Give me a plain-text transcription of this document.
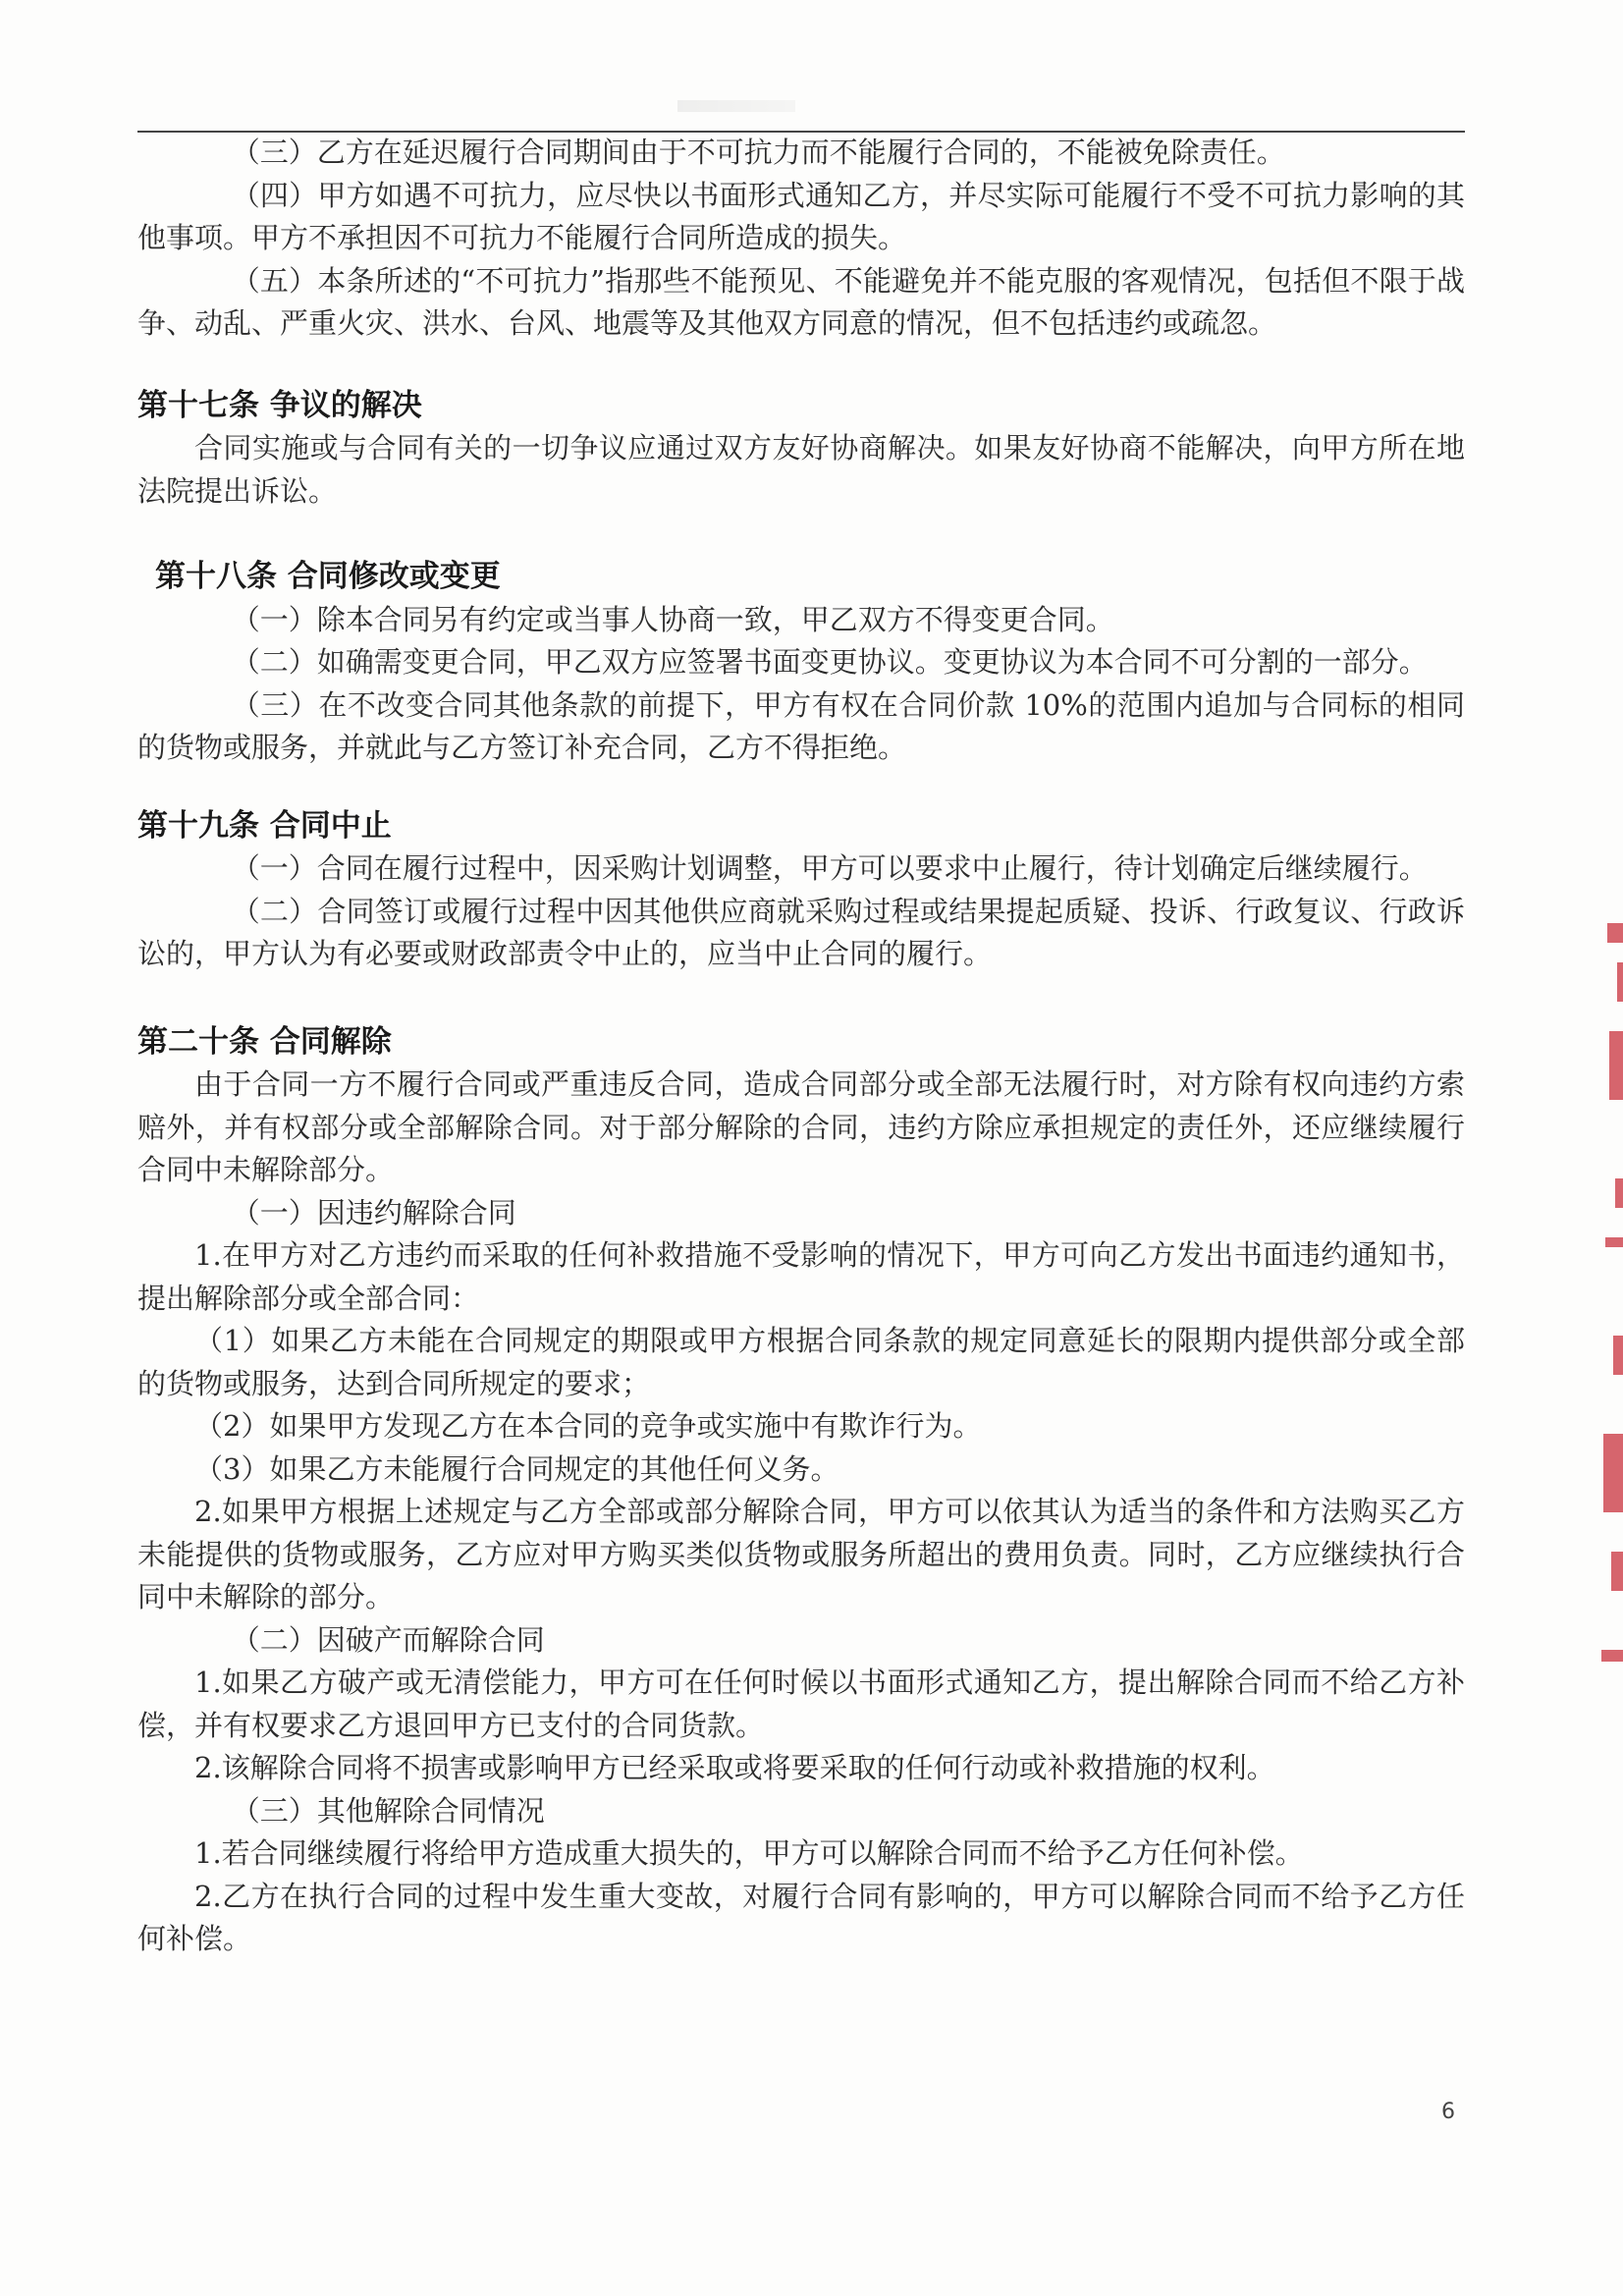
（三）乙方在延迟履行合同期间由于不可抗力而不能履行合同的，不能被免除责任。

（四）甲方如遇不可抗力，应尽快以书面形式通知乙方，并尽实际可能履行不受不可抗力影响的其他事项。甲方不承担因不可抗力不能履行合同所造成的损失。

（五）本条所述的“不可抗力”指那些不能预见、不能避免并不能克服的客观情况，包括但不限于战争、动乱、严重火灾、洪水、台风、地震等及其他双方同意的情况，但不包括违约或疏忽。

第十七条 争议的解决

合同实施或与合同有关的一切争议应通过双方友好协商解决。如果友好协商不能解决，向甲方所在地法院提出诉讼。

第十八条 合同修改或变更

（一）除本合同另有约定或当事人协商一致，甲乙双方不得变更合同。

（二）如确需变更合同，甲乙双方应签署书面变更协议。变更协议为本合同不可分割的一部分。

（三）在不改变合同其他条款的前提下，甲方有权在合同价款 10%的范围内追加与合同标的相同的货物或服务，并就此与乙方签订补充合同，乙方不得拒绝。

第十九条 合同中止

（一）合同在履行过程中，因采购计划调整，甲方可以要求中止履行，待计划确定后继续履行。

（二）合同签订或履行过程中因其他供应商就采购过程或结果提起质疑、投诉、行政复议、行政诉讼的，甲方认为有必要或财政部责令中止的，应当中止合同的履行。

第二十条 合同解除

由于合同一方不履行合同或严重违反合同，造成合同部分或全部无法履行时，对方除有权向违约方索赔外，并有权部分或全部解除合同。对于部分解除的合同，违约方除应承担规定的责任外，还应继续履行合同中未解除部分。

（一）因违约解除合同

1.在甲方对乙方违约而采取的任何补救措施不受影响的情况下，甲方可向乙方发出书面违约通知书，提出解除部分或全部合同：

（1）如果乙方未能在合同规定的期限或甲方根据合同条款的规定同意延长的限期内提供部分或全部的货物或服务，达到合同所规定的要求；

（2）如果甲方发现乙方在本合同的竞争或实施中有欺诈行为。

（3）如果乙方未能履行合同规定的其他任何义务。

2.如果甲方根据上述规定与乙方全部或部分解除合同，甲方可以依其认为适当的条件和方法购买乙方未能提供的货物或服务，乙方应对甲方购买类似货物或服务所超出的费用负责。同时，乙方应继续执行合同中未解除的部分。

（二）因破产而解除合同

1.如果乙方破产或无清偿能力，甲方可在任何时候以书面形式通知乙方，提出解除合同而不给乙方补偿，并有权要求乙方退回甲方已支付的合同货款。

2.该解除合同将不损害或影响甲方已经采取或将要采取的任何行动或补救措施的权利。

（三）其他解除合同情况

1.若合同继续履行将给甲方造成重大损失的，甲方可以解除合同而不给予乙方任何补偿。

2.乙方在执行合同的过程中发生重大变故，对履行合同有影响的，甲方可以解除合同而不给予乙方任何补偿。

6
